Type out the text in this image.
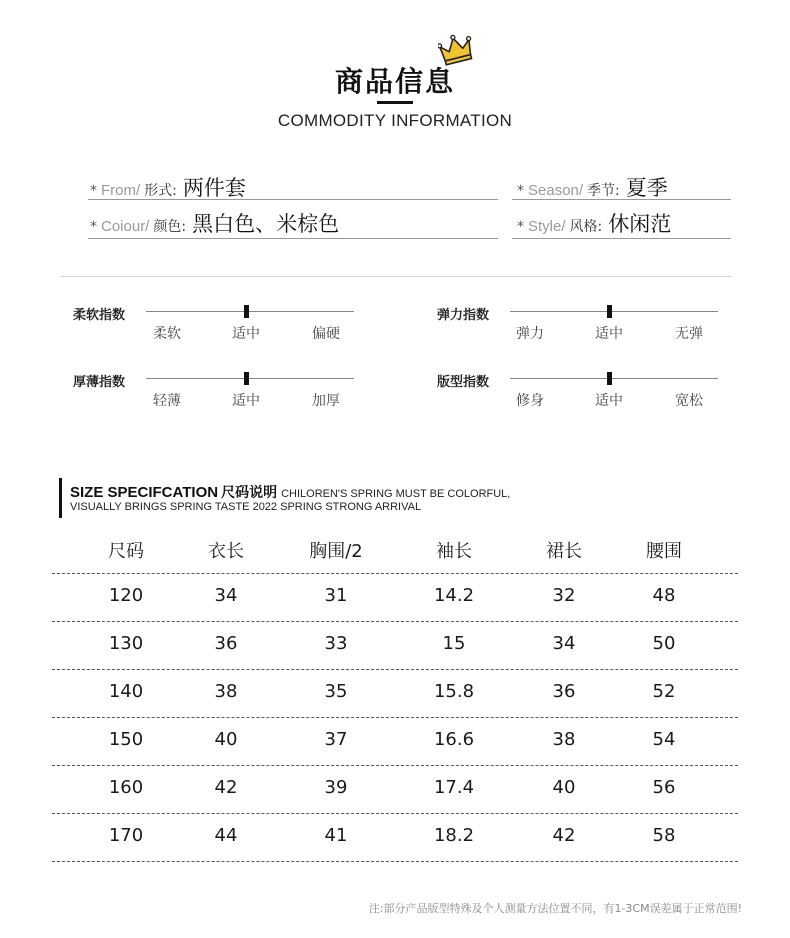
商品信息
COMMODITY INFORMATION
* From/ 形式: 两件套	* Season/ 季节: 夏季
* Coiour/ 颜色: 黑白色、米棕色	* Style/ 风格: 休闲范
柔软指数
柔软	适中	偏硬
弹力指数
弹力	适中	无弹
厚薄指数
轻薄	适中	加厚
版型指数
修身	适中	宽松
SIZE SPECIFCATION 尺码说明 CHILOREN'S SPRING MUST BE COLORFUL,
VISUALLY BRINGS SPRING TASTE 2022 SPRING STRONG ARRIVAL
尺码	衣长	胸围/2	袖长	裙长	腰围
120	34	31	14.2	32	48
130	36	33	15	34	50
140	38	35	15.8	36	52
150	40	37	16.6	38	54
160	42	39	17.4	40	56
170	44	41	18.2	42	58
注:部分产品版型特殊及个人测量方法位置不同，有1-3CM误差属于正常范围!
